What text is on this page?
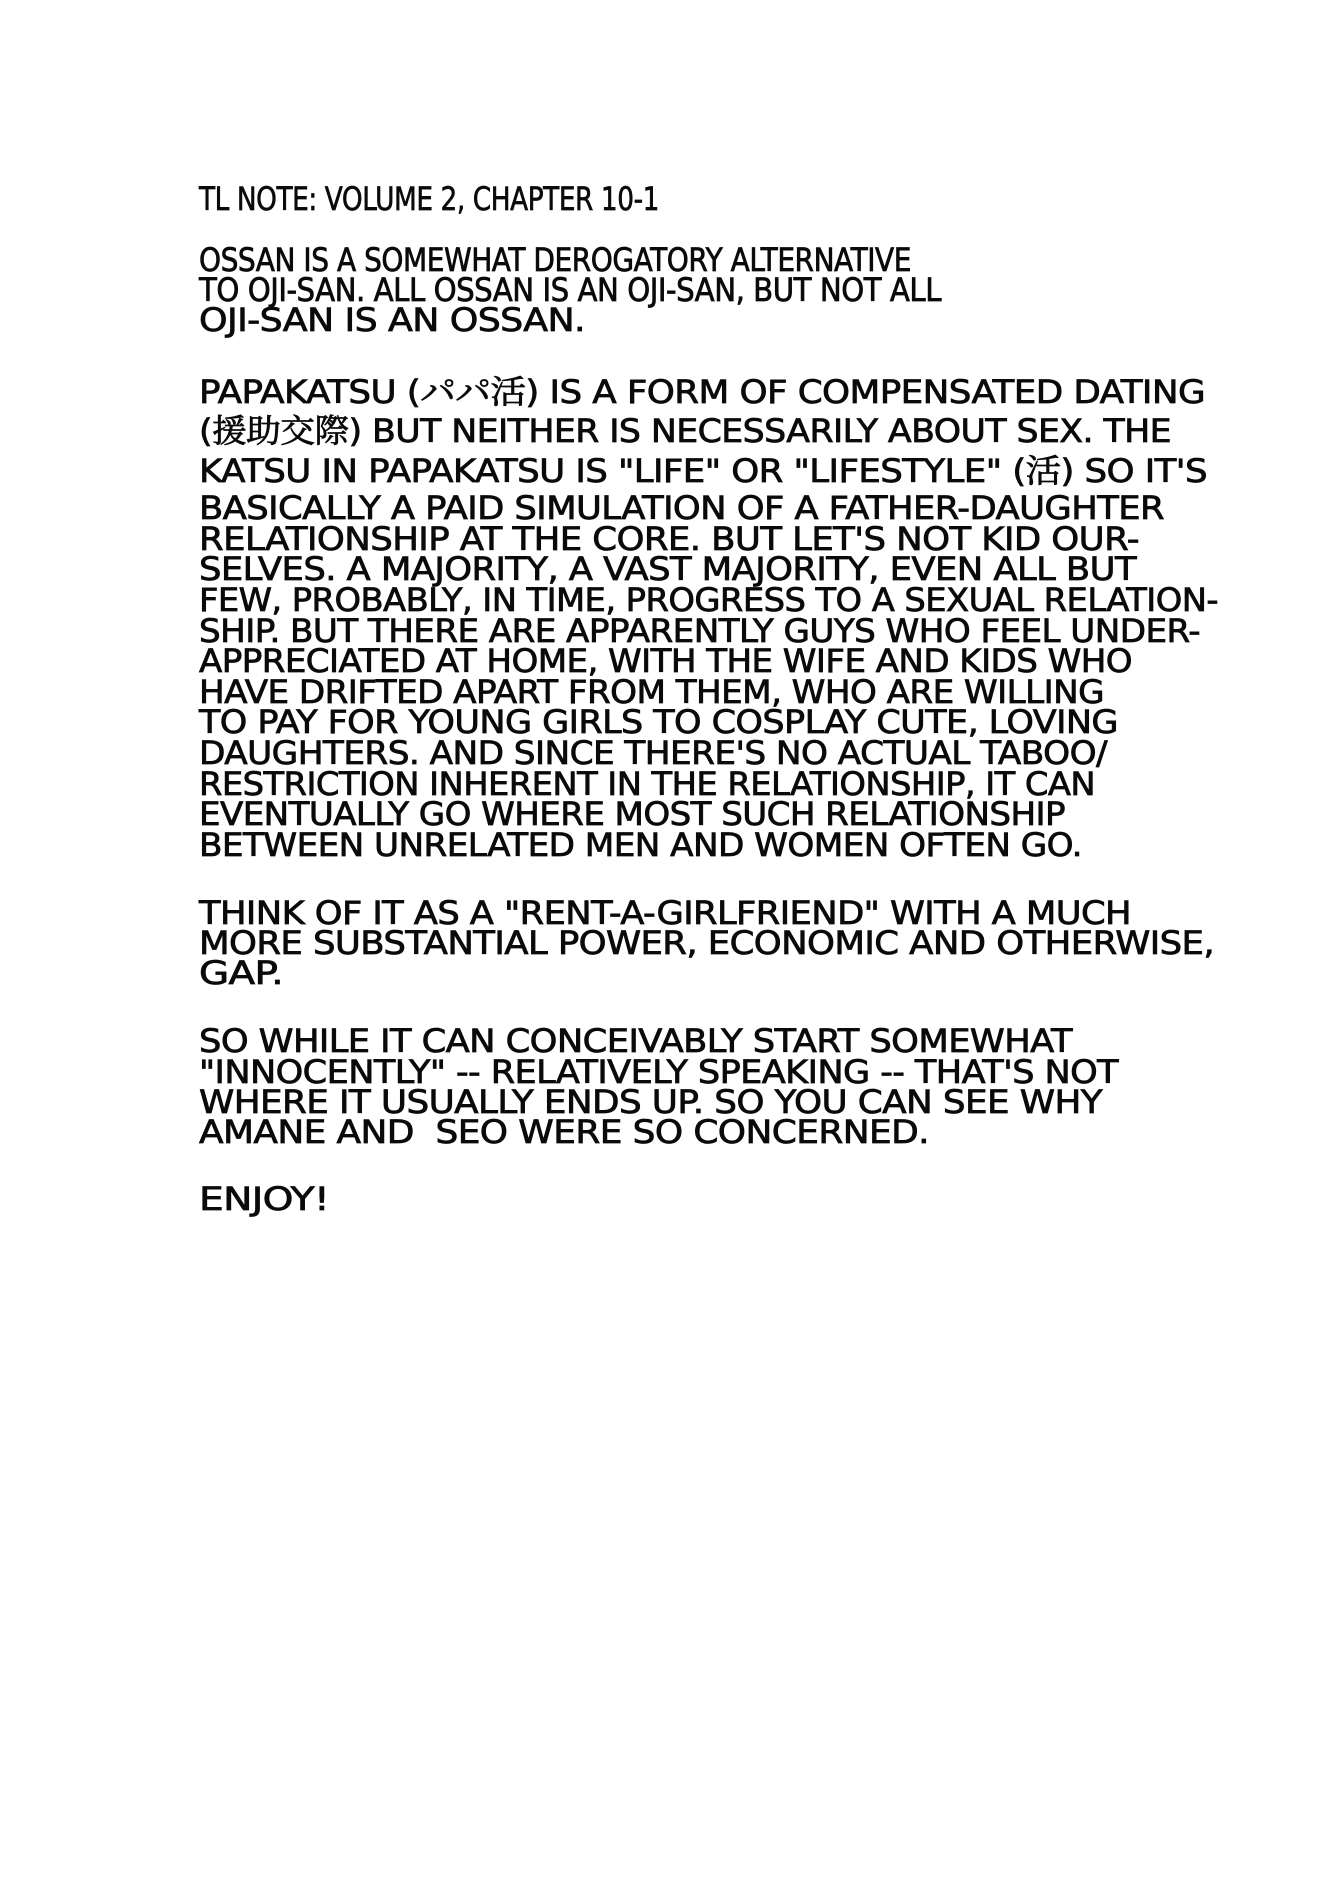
TL NOTE: VOLUME 2, CHAPTER 10-1

OSSAN IS A SOMEWHAT DEROGATORY ALTERNATIVE

TO OJI-SAN. ALL OSSAN IS AN OJI-SAN, BUT NOT ALL

OJI-SAN IS AN OSSAN.

PAPAKATSU (パパ活) IS A FORM OF COMPENSATED DATING

(援助交際) BUT NEITHER IS NECESSARILY ABOUT SEX. THE

KATSU IN PAPAKATSU IS "LIFE" OR "LIFESTYLE" (活) SO IT'S

BASICALLY A PAID SIMULATION OF A FATHER-DAUGHTER

RELATIONSHIP AT THE CORE. BUT LET'S NOT KID OUR-

SELVES. A MAJORITY, A VAST MAJORITY, EVEN ALL BUT

FEW, PROBABLY, IN TIME, PROGRESS TO A SEXUAL RELATION-

SHIP. BUT THERE ARE APPARENTLY GUYS WHO FEEL UNDER-

APPRECIATED AT HOME, WITH THE WIFE AND KIDS WHO

HAVE DRIFTED APART FROM THEM, WHO ARE WILLING

TO PAY FOR YOUNG GIRLS TO COSPLAY CUTE, LOVING

DAUGHTERS. AND SINCE THERE'S NO ACTUAL TABOO/

RESTRICTION INHERENT IN THE RELATIONSHIP, IT CAN

EVENTUALLY GO WHERE MOST SUCH RELATIONSHIP

BETWEEN UNRELATED MEN AND WOMEN OFTEN GO.

THINK OF IT AS A "RENT-A-GIRLFRIEND" WITH A MUCH

MORE SUBSTANTIAL POWER, ECONOMIC AND OTHERWISE,

GAP.

SO WHILE IT CAN CONCEIVABLY START SOMEWHAT

"INNOCENTLY" -- RELATIVELY SPEAKING -- THAT'S NOT

WHERE IT USUALLY ENDS UP. SO YOU CAN SEE WHY

AMANE AND  SEO WERE SO CONCERNED.

ENJOY!
